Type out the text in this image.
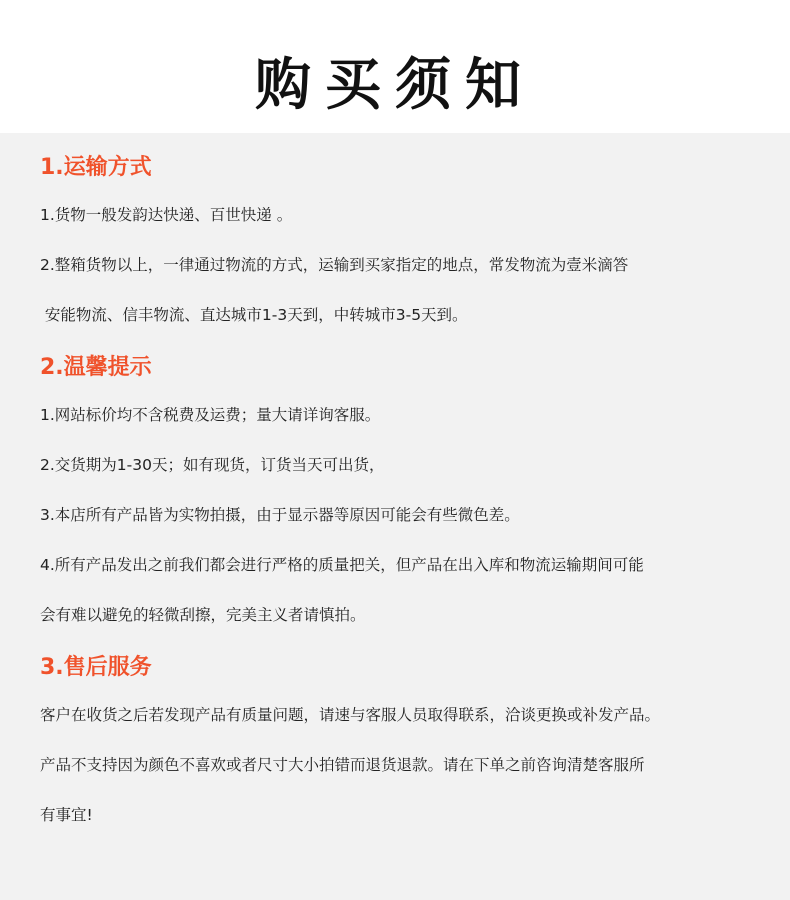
购买须知
1.运输方式
1.货物一般发韵达快递、百世快递 。
2.整箱货物以上，一律通过物流的方式，运输到买家指定的地点，常发物流为壹米滴答
安能物流、信丰物流、直达城市1-3天到，中转城市3-5天到。
2.温馨提示
1.网站标价均不含税费及运费；量大请详询客服。
2.交货期为1-30天；如有现货，订货当天可出货，
3.本店所有产品皆为实物拍摄，由于显示器等原因可能会有些微色差。
4.所有产品发出之前我们都会进行严格的质量把关，但产品在出入库和物流运输期间可能
会有难以避免的轻微刮擦，完美主义者请慎拍。
3.售后服务
客户在收货之后若发现产品有质量问题，请速与客服人员取得联系，洽谈更换或补发产品。
产品不支持因为颜色不喜欢或者尺寸大小拍错而退货退款。请在下单之前咨询清楚客服所
有事宜!
